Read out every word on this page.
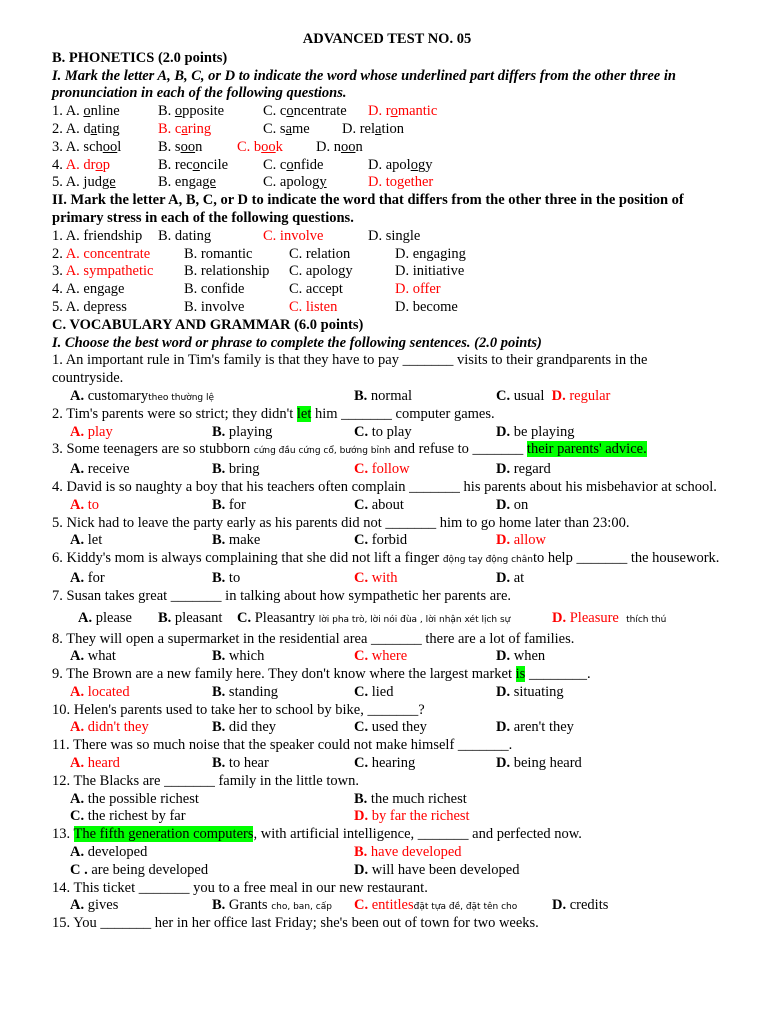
ADVANCED TEST NO. 05
B. PHONETICS (2.0 points)
I. Mark the letter A, B, C, or D to indicate the word whose underlined part differs from the other three in pronunciation in each of the following questions.
1. A. online	B. opposite	C. concentrate D. romantic
2. A. dating	B. caring	C. same D. relation
3. A. school	B. soon C. book D. noon
4. A. drop	B. reconcile C. confide	D. apology
5. A. judge	B. engage	C. apology	D. together
II. Mark the letter A, B, C, or D to indicate the word that differs from the other three in the position of primary stress in each of the following questions.
1. A. friendship B. dating	C. involve	D. single
2. A. concentrate B. romantic	C. relation	D. engaging
3. A. sympathetic B. relationship C. apology	D. initiative
4. A. engage	B. confide	C. accept	D. offer
5. A. depress	B. involve	C. listen	D. become
C. VOCABULARY AND GRAMMAR (6.0 points)
I. Choose the best word or phrase to complete the following sentences. (2.0 points)
1. An important rule in Tim's family is that they have to pay _______ visits to their grandparents in the countryside.
A. customarytheo thường lệ	B. normal	C. usual D. regular
2. Tim's parents were so strict; they didn't let him _______ computer games.
A. play	B. playing	C. to play	D. be playing
3. Some teenagers are so stubborn cứng đầu cứng cổ, bướng bỉnh and refuse to _______ their parents' advice.
A. receive	B. bring	C. follow	D. regard
4. David is so naughty a boy that his teachers often complain _______ his parents about his misbehavior at school.
A. to	B. for	C. about	D. on
5. Nick had to leave the party early as his parents did not _______ him to go home later than 23:00.
A. let	B. make	C. forbid	D. allow
6. Kiddy's mom is always complaining that she did not lift a finger động tay động chânto help _______ the housework.
A. for	B. to	C. with	D. at
7. Susan takes great _______ in talking about how sympathetic her parents are.
A. please B. pleasant C. Pleasantry lời pha trò, lời nói đùa , lời nhận xét lịch sự	D. Pleasure thích thú
8. They will open a supermarket in the residential area _______ there are a lot of families.
A. what	B. which	C. where	D. when
9. The Brown are a new family here. They don't know where the largest market is ________.
A. located	B. standing	C. lied	D. situating
10. Helen's parents used to take her to school by bike, _______?
A. didn't they	B. did they	C. used they	D. aren't they
11. There was so much noise that the speaker could not make himself _______.
A. heard	B. to hear	C. hearing	D. being heard
12. The Blacks are _______ family in the little town.
A. the possible richest	B. the much richest
C. the richest by far	D. by far the richest
13. The fifth generation computers, with artificial intelligence, _______ and perfected now.
A. developed	B. have developed
C . are being developed	D. will have been developed
14. This ticket _______ you to a free meal in our new restaurant.
A. gives	B. Grants cho, ban, cấp C. entitlesđặt tựa đề, đặt tên cho D. credits
15. You _______ her in her office last Friday; she's been out of town for two weeks.
